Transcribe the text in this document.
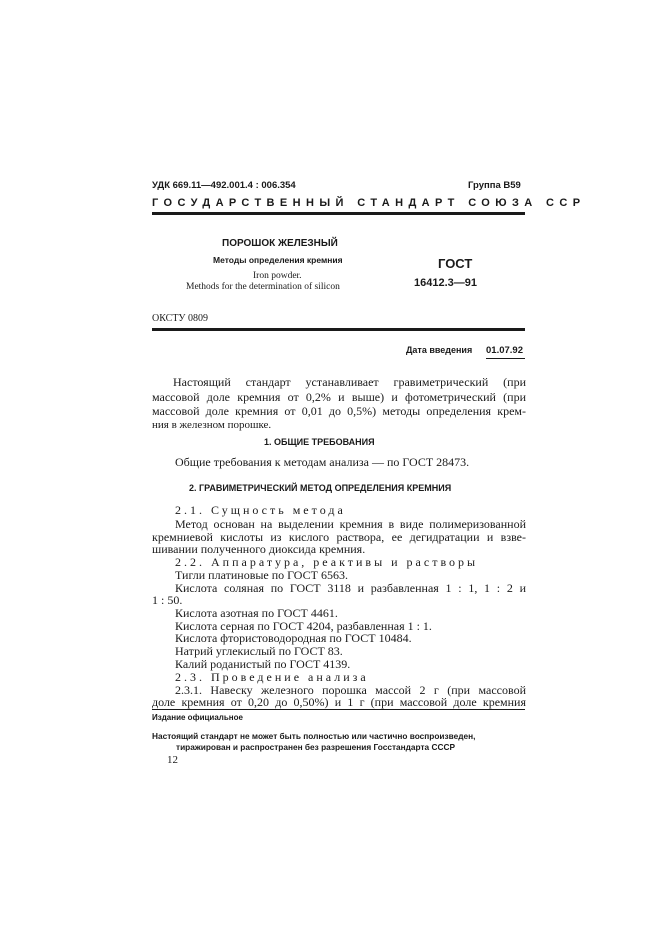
УДК 669.11—492.001.4 : 006.354	Группа В59
ГОСУДАРСТВЕННЫЙ СТАНДАРТ СОЮЗА ССР
ПОРОШОК ЖЕЛЕЗНЫЙ
Методы определения кремния
Iron powder.
Methods for the determination of silicon
ГОСТ
16412.3—91
ОКСТУ 0809
Дата введения 01.07.92
Настоящий стандарт устанавливает гравиметрический (при
массовой доле кремния от 0,2% и выше) и фотометрический (при
массовой доле кремния от 0,01 до 0,5%) методы определения крем-
ния в железном порошке.
1. ОБЩИЕ ТРЕБОВАНИЯ
Общие требования к методам анализа — по ГОСТ 28473.
2. ГРАВИМЕТРИЧЕСКИЙ МЕТОД ОПРЕДЕЛЕНИЯ КРЕМНИЯ
2.1. Сущность метода
Метод основан на выделении кремния в виде полимеризованной
кремниевой кислоты из кислого раствора, ее дегидратации и взве-
шивании полученного диоксида кремния.
2.2. Аппаратура, реактивы и растворы
Тигли платиновые по ГОСТ 6563.
Кислота соляная по ГОСТ 3118 и разбавленная 1 : 1, 1 : 2 и
1 : 50.
Кислота азотная по ГОСТ 4461.
Кислота серная по ГОСТ 4204, разбавленная 1 : 1.
Кислота фтористоводородная по ГОСТ 10484.
Натрий углекислый по ГОСТ 83.
Калий роданистый по ГОСТ 4139.
2.3. Проведение анализа
2.3.1. Навеску железного порошка массой 2 г (при массовой
доле кремния от 0,20 до 0,50%) и 1 г (при массовой доле кремния
Издание официальное
Настоящий стандарт не может быть полностью или частично воспроизведен,
тиражирован и распространен без разрешения Госстандарта СССР
12
